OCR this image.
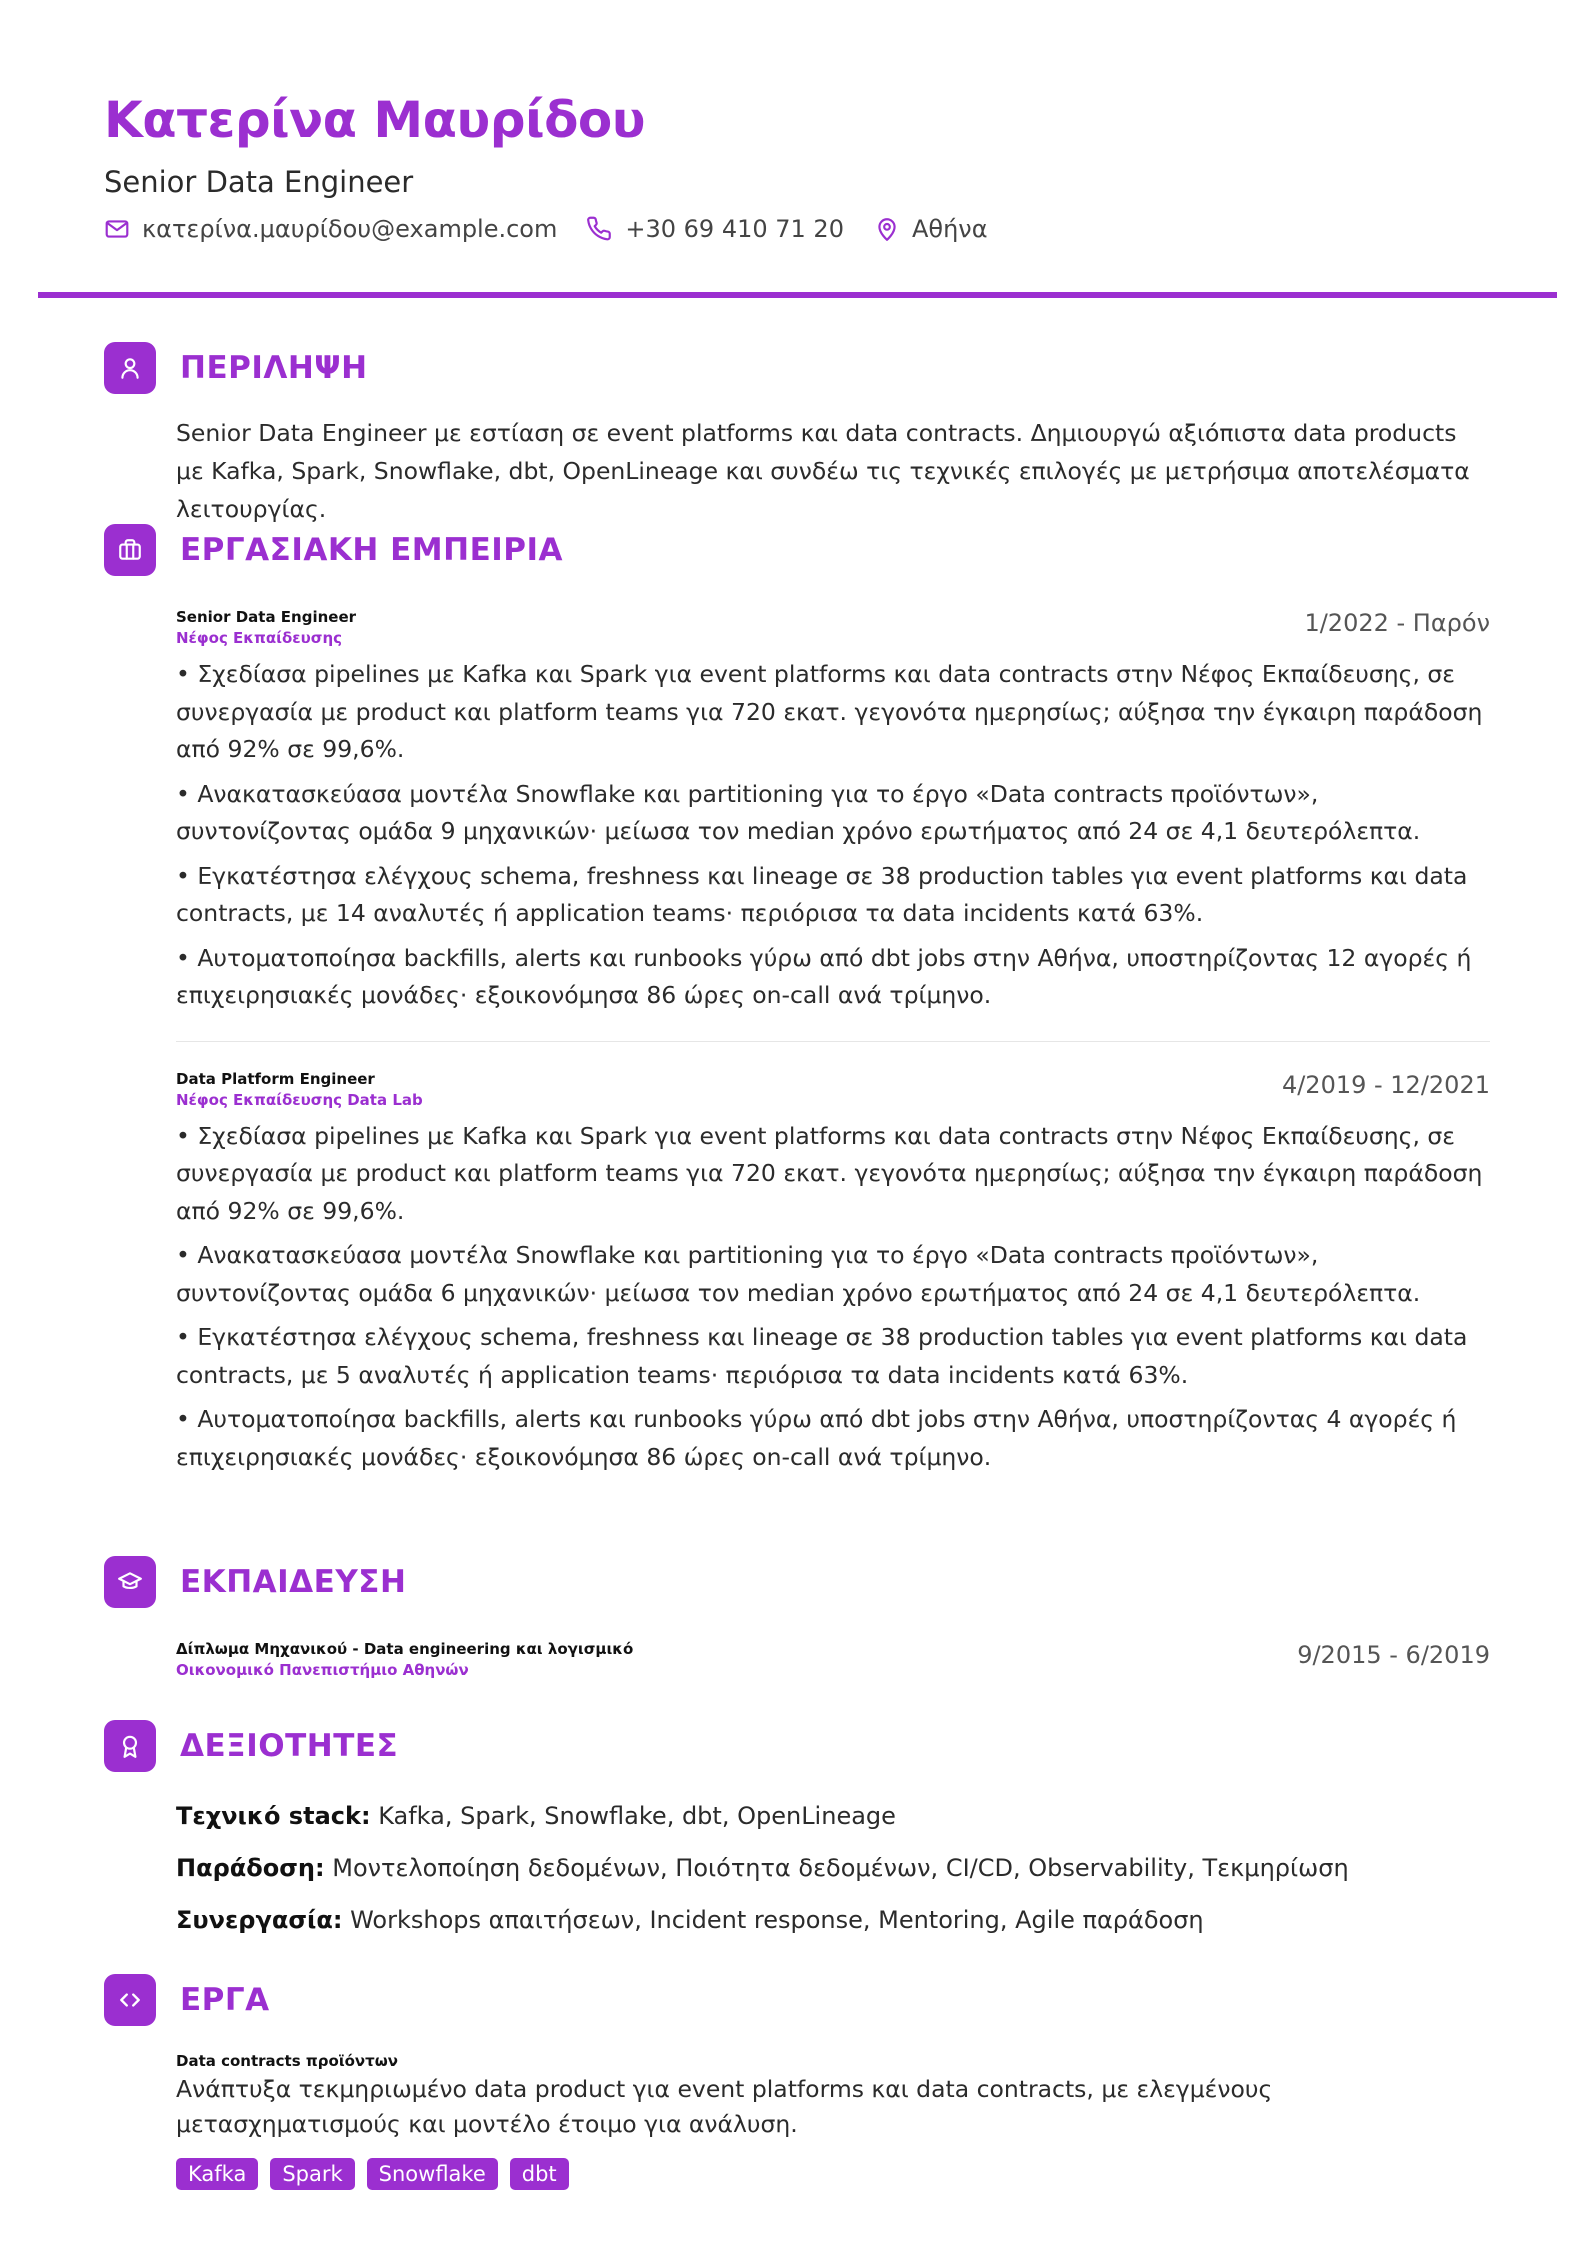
Κατερίνα Μαυρίδου
Senior Data Engineer
κατερίνα.μαυρίδου@example.com	+30 69 410 71 20	Αθήνα
ΠΕΡΙΛΗΨΗ

Senior Data Engineer με εστίαση σε event platforms και data contracts. Δημιουργώ αξιόπιστα data products με Kafka, Spark, Snowflake, dbt, OpenLineage και συνδέω τις τεχνικές επιλογές με μετρήσιμα αποτελέσματα λειτουργίας.

ΕΡΓΑΣΙΑΚΗ ΕΜΠΕΙΡΙΑ
Senior Data Engineer
Νέφος Εκπαίδευσης
1/2022 - Παρόν

• Σχεδίασα pipelines με Kafka και Spark για event platforms και data contracts στην Νέφος Εκπαίδευσης, σε συνεργασία με product και platform teams για 720 εκατ. γεγονότα ημερησίως; αύξησα την έγκαιρη παράδοση από 92% σε 99,6%.

• Ανακατασκεύασα μοντέλα Snowflake και partitioning για το έργο «Data contracts προϊόντων», συντονίζοντας ομάδα 9 μηχανικών· μείωσα τον median χρόνο ερωτήματος από 24 σε 4,1 δευτερόλεπτα.

• Εγκατέστησα ελέγχους schema, freshness και lineage σε 38 production tables για event platforms και data contracts, με 14 αναλυτές ή application teams· περιόρισα τα data incidents κατά 63%.

• Αυτοματοποίησα backfills, alerts και runbooks γύρω από dbt jobs στην Αθήνα, υποστηρίζοντας 12 αγορές ή επιχειρησιακές μονάδες· εξοικονόμησα 86 ώρες on-call ανά τρίμηνο.

Data Platform Engineer
Νέφος Εκπαίδευσης Data Lab
4/2019 - 12/2021

• Σχεδίασα pipelines με Kafka και Spark για event platforms και data contracts στην Νέφος Εκπαίδευσης, σε συνεργασία με product και platform teams για 720 εκατ. γεγονότα ημερησίως; αύξησα την έγκαιρη παράδοση από 92% σε 99,6%.

• Ανακατασκεύασα μοντέλα Snowflake και partitioning για το έργο «Data contracts προϊόντων», συντονίζοντας ομάδα 6 μηχανικών· μείωσα τον median χρόνο ερωτήματος από 24 σε 4,1 δευτερόλεπτα.

• Εγκατέστησα ελέγχους schema, freshness και lineage σε 38 production tables για event platforms και data contracts, με 5 αναλυτές ή application teams· περιόρισα τα data incidents κατά 63%.

• Αυτοματοποίησα backfills, alerts και runbooks γύρω από dbt jobs στην Αθήνα, υποστηρίζοντας 4 αγορές ή επιχειρησιακές μονάδες· εξοικονόμησα 86 ώρες on-call ανά τρίμηνο.

ΕΚΠΑΙΔΕΥΣΗ
Δίπλωμα Μηχανικού - Data engineering και λογισμικό
Οικονομικό Πανεπιστήμιο Αθηνών
9/2015 - 6/2019
ΔΕΞΙΟΤΗΤΕΣ

Τεχνικό stack: Kafka, Spark, Snowflake, dbt, OpenLineage

Παράδοση: Μοντελοποίηση δεδομένων, Ποιότητα δεδομένων, CI/CD, Observability, Τεκμηρίωση

Συνεργασία: Workshops απαιτήσεων, Incident response, Mentoring, Agile παράδοση

ΕΡΓΑ
Data contracts προϊόντων

Ανάπτυξα τεκμηριωμένο data product για event platforms και data contracts, με ελεγμένους μετασχηματισμούς και μοντέλο έτοιμο για ανάλυση.

Kafka	Spark	Snowflake	dbt
